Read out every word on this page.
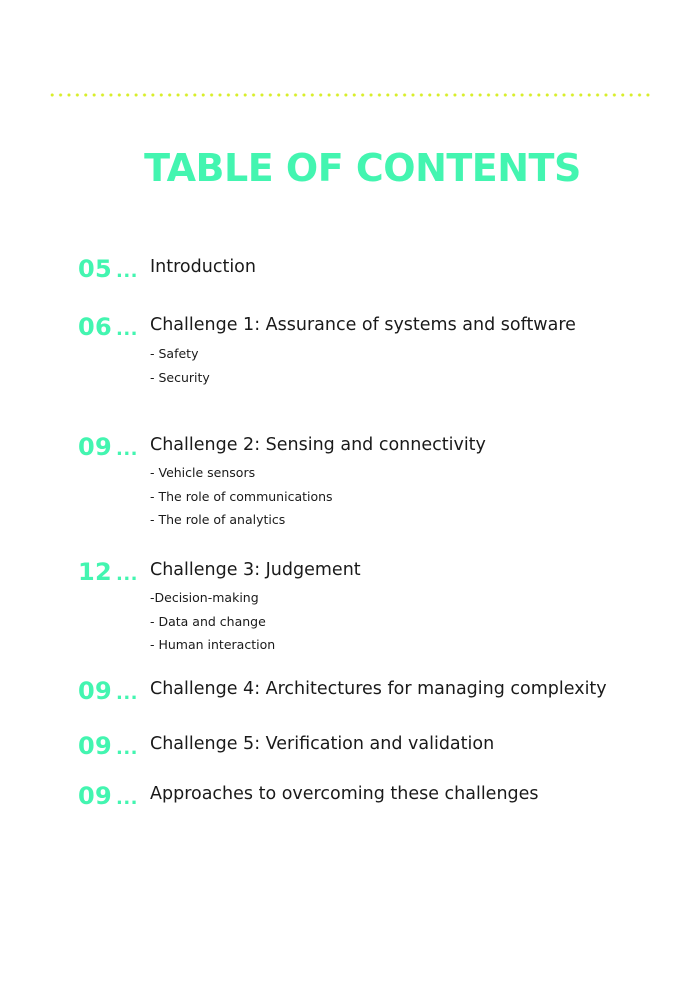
TABLE OF CONTENTS
05 ... Introduction
06 ... Challenge 1: Assurance of systems and software
- Safety
- Security
09 ... Challenge 2: Sensing and connectivity
- Vehicle sensors
- The role of communications
- The role of analytics
12 ... Challenge 3: Judgement
-Decision-making
- Data and change
- Human interaction
09 ... Challenge 4: Architectures for managing complexity
09 ... Challenge 5: Verification and validation
09 ... Approaches to overcoming these challenges
